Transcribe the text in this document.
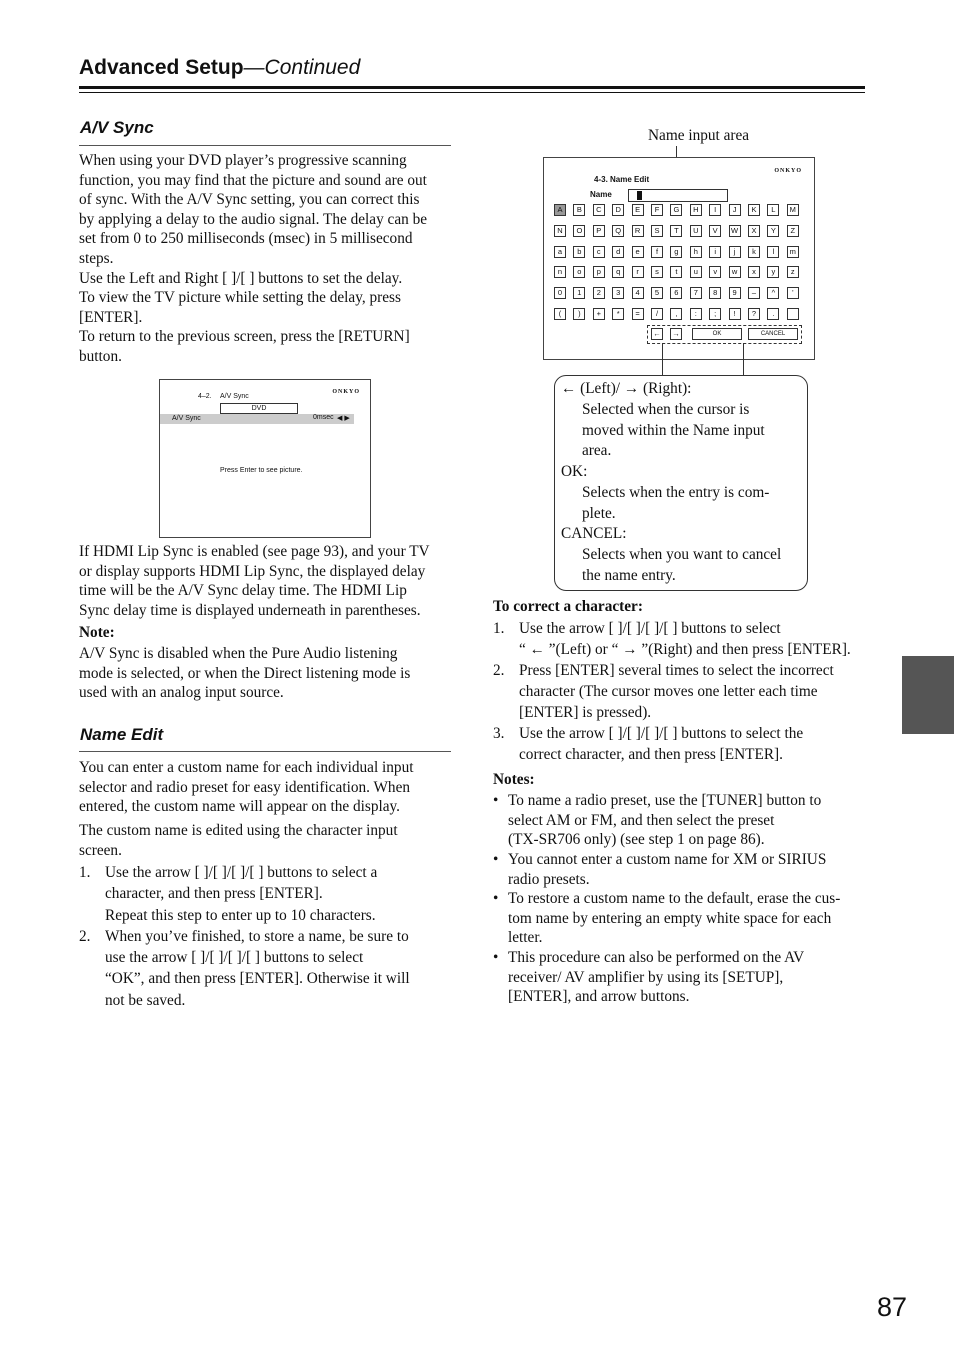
Advanced Setup—Continued
A/V Sync
When using your DVD player’s progressive scanning
function, you may find that the picture and sound are out
of sync. With the A/V Sync setting, you can correct this
by applying a delay to the audio signal. The delay can be
set from 0 to 250 milliseconds (msec) in 5 millisecond
steps.
Use the Left and Right [ ]/[ ] buttons to set the delay.
To view the TV picture while setting the delay, press
[ENTER].
To return to the previous screen, press the [RETURN]
button.
4–2. A/V Sync
ONKYO
DVD
A/V Sync	0msec ◀ ▶
Press Enter to see picture.
If HDMI Lip Sync is enabled (see page 93), and your TV
or display supports HDMI Lip Sync, the displayed delay
time will be the A/V Sync delay time. The HDMI Lip
Sync delay time is displayed underneath in parentheses.
Note:
A/V Sync is disabled when the Pure Audio listening
mode is selected, or when the Direct listening mode is
used with an analog input source.
Name Edit
You can enter a custom name for each individual input
selector and radio preset for easy identification. When
entered, the custom name will appear on the display.
The custom name is edited using the character input
screen.
1. Use the arrow [ ]/[ ]/[ ]/[ ] buttons to select a
character, and then press [ENTER].
Repeat this step to enter up to 10 characters.
2. When you’ve finished, to store a name, be sure to
use the arrow [ ]/[ ]/[ ]/[ ] buttons to select
“OK”, and then press [ENTER]. Otherwise it will
not be saved.
Name input area
4-3. Name Edit
ONKYO
Name
A	B	C	D	E	F	G	H	I	J	K	L	M
N	O	P	Q	R	S	T	U	V	W	X	Y	Z
a	b	c	d	e	f	g	h	i	j	k	l	m
n	o	p	q	r	s	t	u	v	w	x	y	z
0	1	2	3	4	5	6	7	8	9	–	^	'
(	)	+	*	=	/	,	:	;	!	?	.
←	→	OK	CANCEL
← (Left)/ → (Right):
Selected when the cursor is
moved within the Name input
area.
OK:
Selects when the entry is com-
plete.
CANCEL:
Selects when you want to cancel
the name entry.
To correct a character:
1. Use the arrow [ ]/[ ]/[ ]/[ ] buttons to select
“ ← ”(Left) or “ → ”(Right) and then press [ENTER].
2. Press [ENTER] several times to select the incorrect
character (The cursor moves one letter each time
[ENTER] is pressed).
3. Use the arrow [ ]/[ ]/[ ]/[ ] buttons to select the
correct character, and then press [ENTER].
Notes:
• To name a radio preset, use the [TUNER] button to
select AM or FM, and then select the preset
(TX-SR706 only) (see step 1 on page 86).
• You cannot enter a custom name for XM or SIRIUS
radio presets.
• To restore a custom name to the default, erase the cus-
tom name by entering an empty white space for each
letter.
• This procedure can also be performed on the AV
receiver/ AV amplifier by using its [SETUP],
[ENTER], and arrow buttons.
87
